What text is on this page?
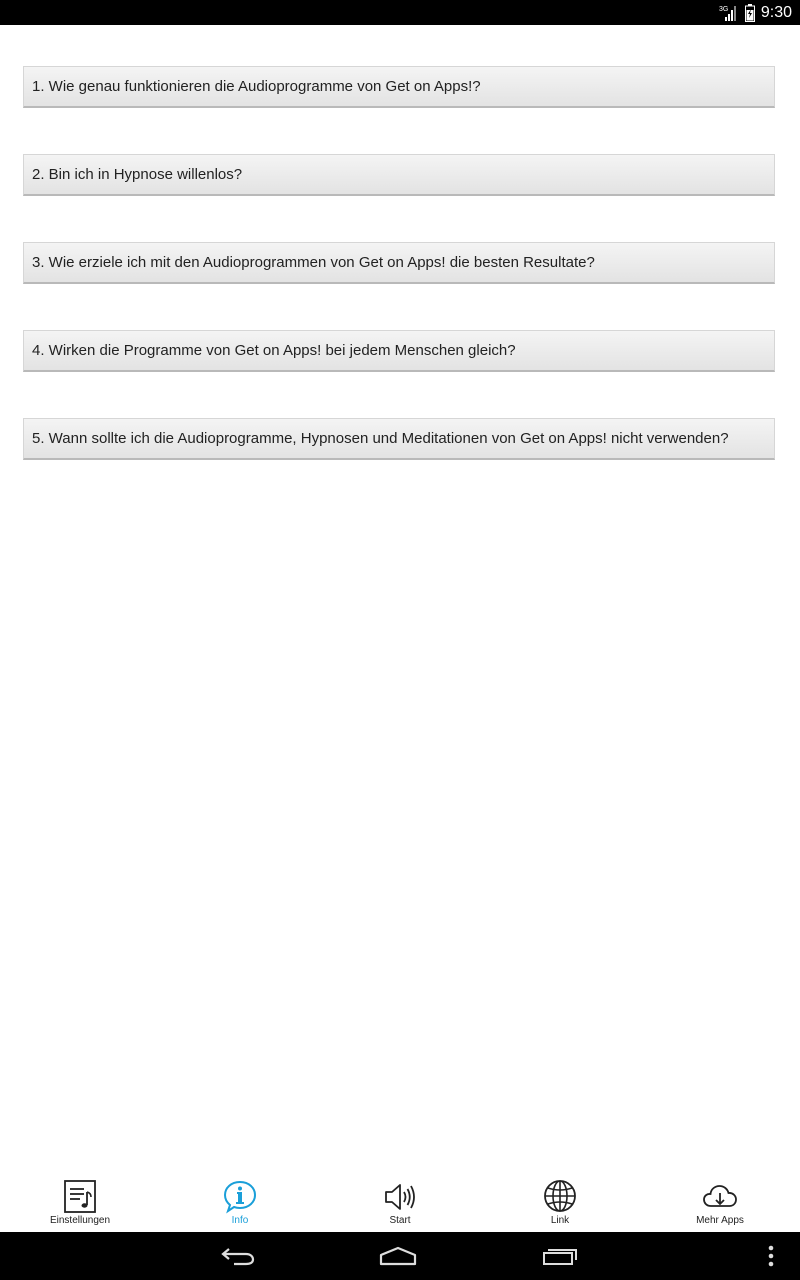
3G 9:30
1. Wie genau funktionieren die Audioprogramme von Get on Apps!?
2. Bin ich in Hypnose willenlos?
3. Wie erziele ich mit den Audioprogrammen von Get on Apps! die besten Resultate?
4. Wirken die Programme von Get on Apps! bei jedem Menschen gleich?
5. Wann sollte ich die Audioprogramme, Hypnosen und Meditationen von Get on Apps! nicht verwenden?
Einstellungen	Info	Start	Link	Mehr Apps
